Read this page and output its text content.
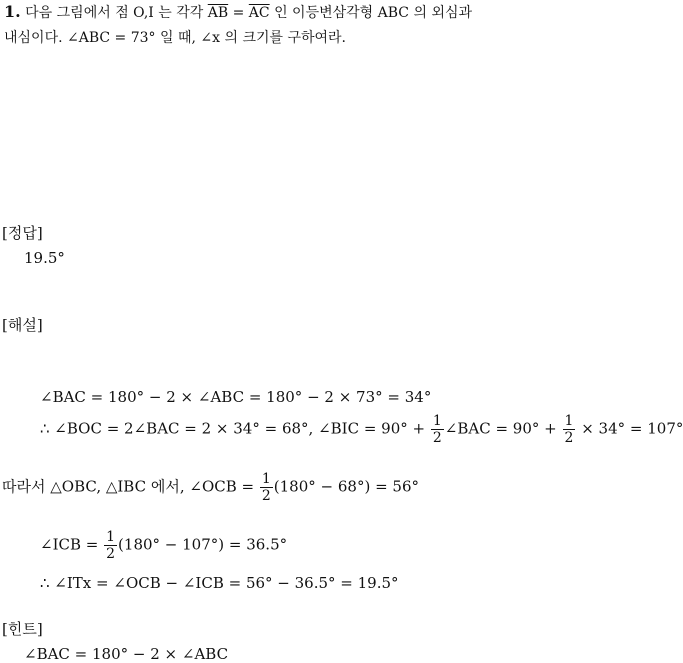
1. 다음 그림에서 점 O,I 는 각각 $\overline{AB} = \overline{AC}$ 인 이등변삼각형 ABC 의 외심과
내심이다. ∠ABC = 73° 일 때, ∠x 의 크기를 구하여라.
[정답]
19.5°
[해설]
∠BAC = 180° − 2 × ∠ABC = 180° − 2 × 73° = 34°
∴ ∠BOC = 2∠BAC = 2 × 34° = 68°, ∠BIC = $90^\circ + \frac{1}{2}$ ∠BAC = $90^\circ + \frac{1}{2} \times 34^\circ = 107^\circ$
따라서 △OBC, △IBC 에서, ∠OCB = $\frac{1}{2} (180^\circ - 68^\circ) = 56^\circ$
∠ICB = $\frac{1}{2} (180^\circ - 107^\circ) = 36.5^\circ$
∴ ∠ITx = ∠OCB − ∠ICB = 56° − 36.5° = 19.5°
[힌트]
∠BAC = 180° − 2 × ∠ABC
